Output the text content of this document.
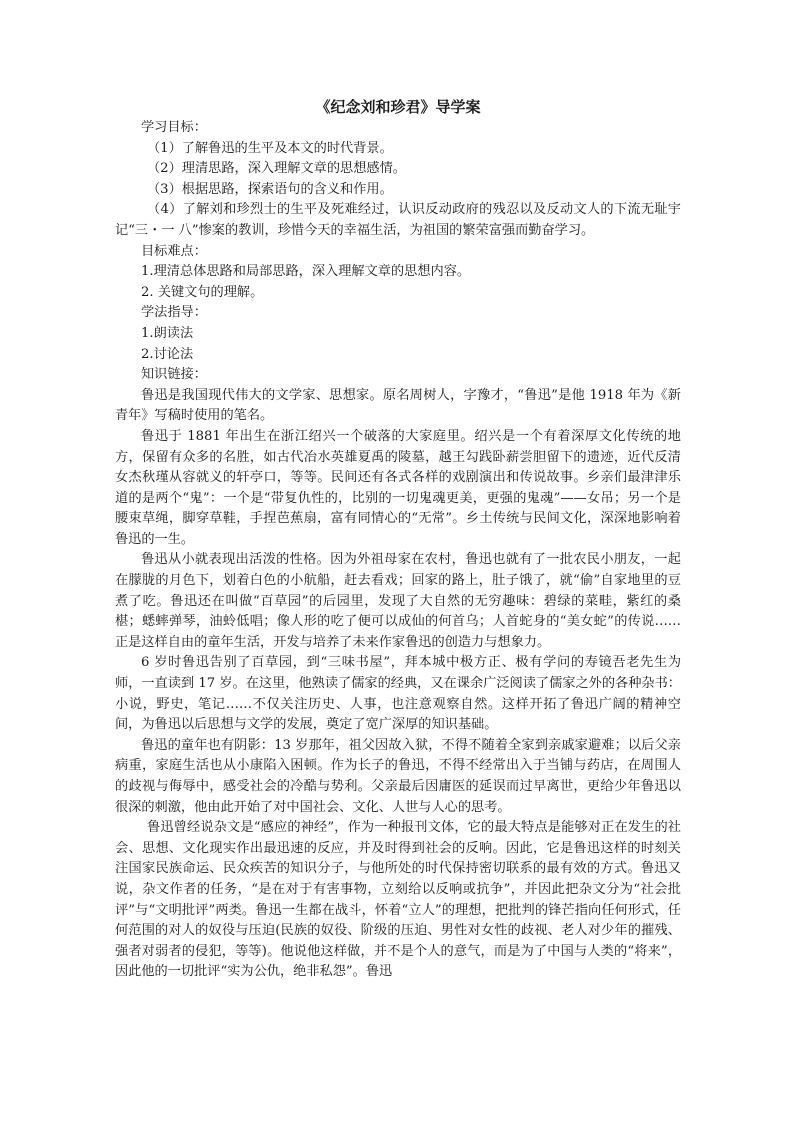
《纪念刘和珍君》导学案

学习目标：

（1）了解鲁迅的生平及本文的时代背景。

（2）理清思路，深入理解文章的思想感情。

（3）根据思路，探索语句的含义和作用。

（4）了解刘和珍烈士的生平及死难经过，认识反动政府的残忍以及反动文人的下流无耻宇记“三・一 八”惨案的教训，珍惜今天的幸福生活，为祖国的繁荣富强而勤奋学习。

目标难点：

1.理清总体思路和局部思路，深入理解文章的思想内容。

2. 关键文句的理解。

学法指导：

1.朗读法

2.讨论法

知识链接：

鲁迅是我国现代伟大的文学家、思想家。原名周树人，字豫才，“鲁迅”是他 1918 年为《新青年》写稿时使用的笔名。

鲁迅于 1881 年出生在浙江绍兴一个破落的大家庭里。绍兴是一个有着深厚文化传统的地方，保留有众多的名胜，如古代冶水英雄夏禹的陵墓，越王勾践卧薪尝胆留下的遗迹，近代反清女杰秋瑾从容就义的轩亭口，等等。民间还有各式各样的戏剧演出和传说故事。乡亲们最津津乐道的是两个“鬼”：一个是“带复仇性的，比别的一切鬼魂更美，更强的鬼魂”——女吊；另一个是腰束草绳，脚穿草鞋，手捏芭蕉扇，富有同情心的“无常”。乡土传统与民间文化，深深地影响着鲁迅的一生。

鲁迅从小就表现出活泼的性格。因为外祖母家在农村，鲁迅也就有了一批农民小朋友，一起在朦胧的月色下，划着白色的小航船，赶去看戏；回家的路上，肚子饿了，就“偷”自家地里的豆煮了吃。鲁迅还在叫做“百草园”的后园里，发现了大自然的无穷趣味：碧绿的菜畦，紫红的桑椹；蟋蟀弹琴，油蛉低唱；像人形的吃了便可以成仙的何首乌；人首蛇身的“美女蛇”的传说……正是这样自由的童年生活，开发与培养了未来作家鲁迅的创造力与想象力。

6 岁时鲁迅告别了百草园，到“三味书屋”，拜本城中极方正、极有学问的寿镜吾老先生为师，一直读到 17 岁。在这里，他熟读了儒家的经典，又在课余广泛阅读了儒家之外的各种杂书：小说，野史，笔记……不仅关注历史、人事，也注意观察自然。这样开拓了鲁迅广阔的精神空间，为鲁迅以后思想与文学的发展，奠定了宽广深厚的知识基础。

鲁迅的童年也有阴影：13 岁那年，祖父因故入狱，不得不随着全家到亲戚家避难；以后父亲病重，家庭生活也从小康陷入困顿。作为长子的鲁迅，不得不经常出入于当铺与药店，在周围人的歧视与侮辱中，感受社会的冷酷与势利。父亲最后因庸医的延误而过早离世，更给少年鲁迅以很深的刺激，他由此开始了对中国社会、文化、人世与人心的思考。

鲁迅曾经说杂文是“感应的神经”，作为一种报刊文体，它的最大特点是能够对正在发生的社会、思想、文化现实作出最迅速的反应，并及时得到社会的反响。因此，它是鲁迅这样的时刻关注国家民族命运、民众疾苦的知识分子，与他所处的时代保持密切联系的最有效的方式。鲁迅又说，杂文作者的任务，“是在对于有害事物，立刻给以反响或抗争”，并因此把杂文分为“社会批评”与“文明批评”两类。鲁迅一生都在战斗，怀着“立人”的理想，把批判的锋芒指向任何形式，任何范围的对人的奴役与压迫(民族的奴役、阶级的压迫、男性对女性的歧视、老人对少年的摧残、强者对弱者的侵犯，等等)。他说他这样做，并不是个人的意气，而是为了中国与人类的“将来”，因此他的一切批评“实为公仇，绝非私怨”。鲁迅
